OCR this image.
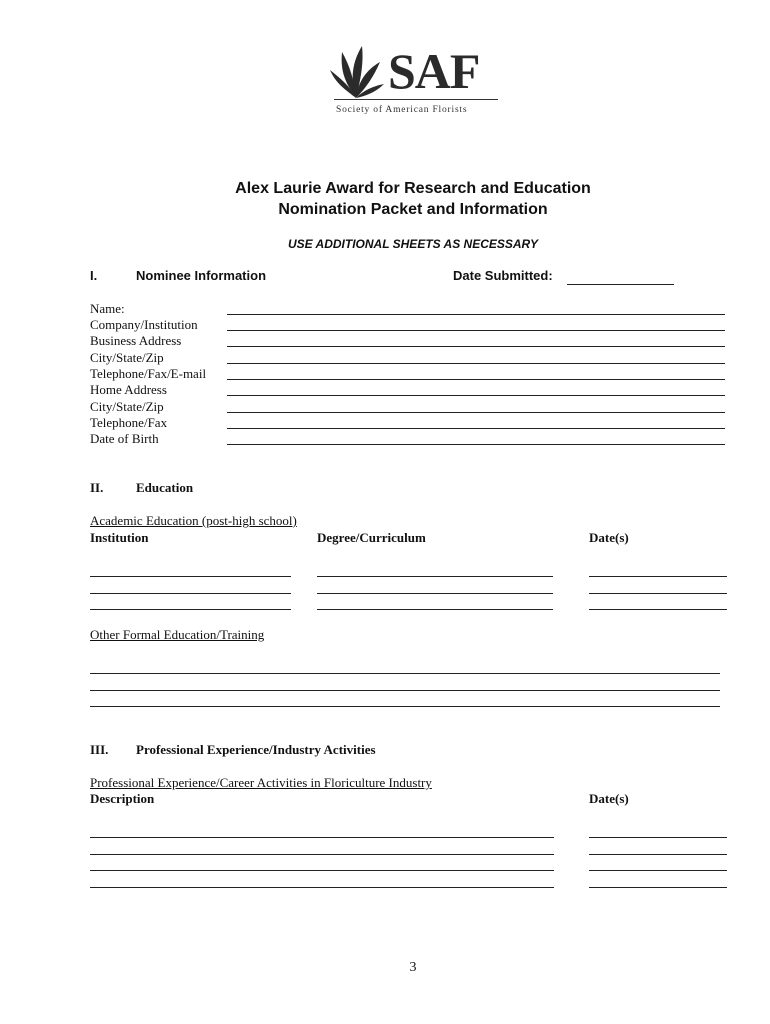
SAF
Society of American Florists
Alex Laurie Award for Research and Education
Nomination Packet and Information
USE ADDITIONAL SHEETS AS NECESSARY
I.	Nominee Information	Date Submitted:
Name:
Company/Institution
Business Address
City/State/Zip
Telephone/Fax/E-mail
Home Address
City/State/Zip
Telephone/Fax
Date of Birth
II.	Education
Academic Education (post-high school)
Institution	Degree/Curriculum	Date(s)
Other Formal Education/Training
III. Professional Experience/Industry Activities
Professional Experience/Career Activities in Floriculture Industry
Description	Date(s)
3
